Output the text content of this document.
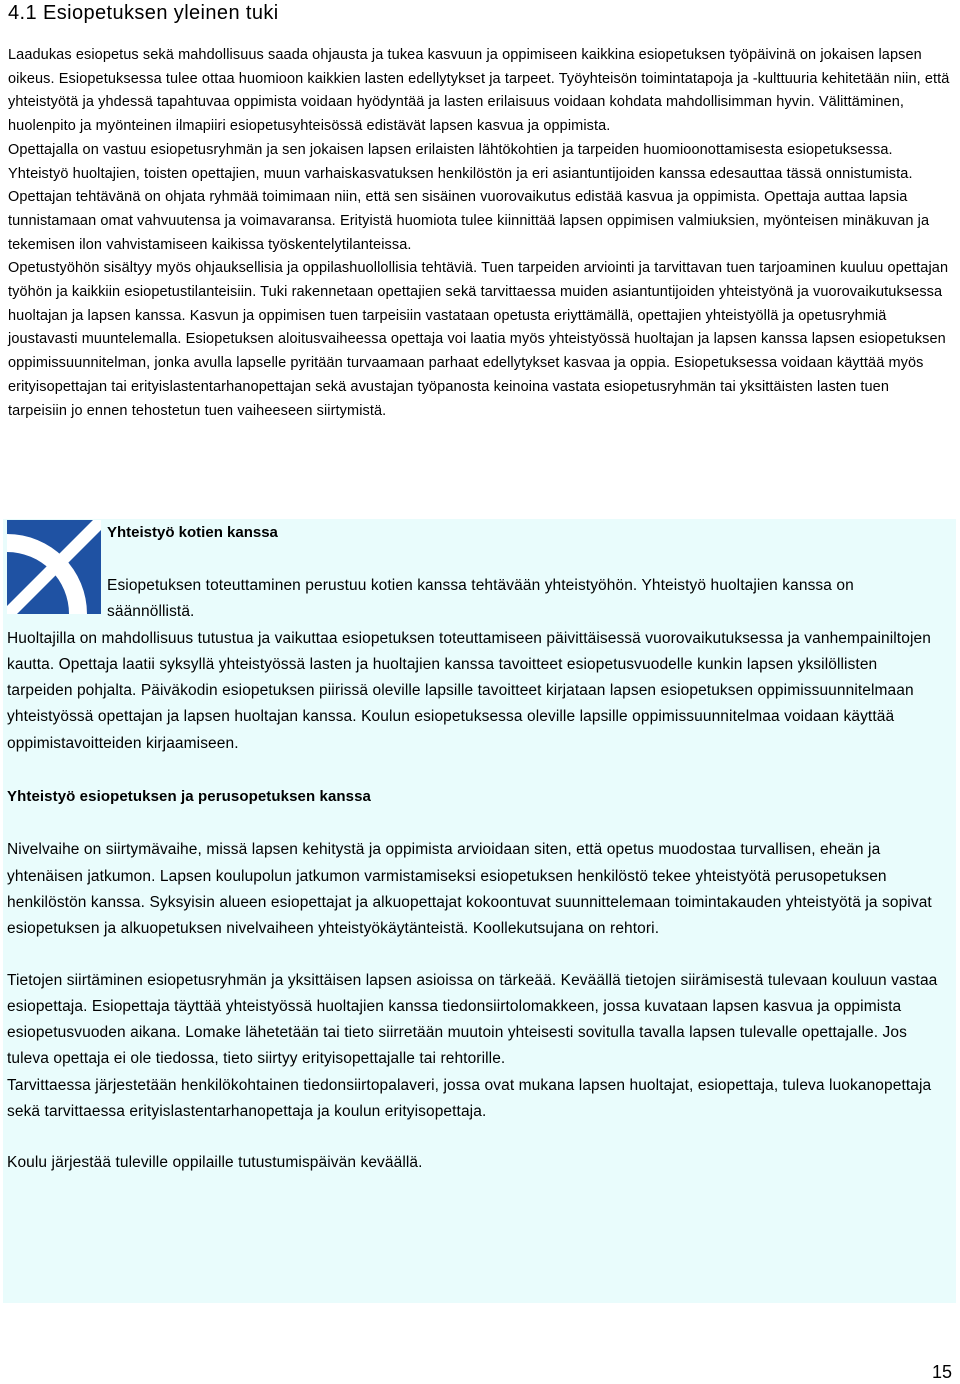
4.1 Esiopetuksen yleinen tuki

Laadukas esiopetus sekä mahdollisuus saada ohjausta ja tukea kasvuun ja oppimiseen kaikkina esiopetuksen työpäivinä on jokaisen lapsen oikeus. Esiopetuksessa tulee ottaa huomioon kaikkien lasten edellytykset ja tarpeet. Työyhteisön toimintatapoja ja -kulttuuria kehitetään niin, että yhteistyötä ja yhdessä tapahtuvaa oppimista voidaan hyödyntää ja lasten erilaisuus voidaan kohdata mahdollisimman hyvin. Välittäminen, huolenpito ja myönteinen ilmapiiri esiopetusyhteisössä edistävät lapsen kasvua ja oppimista.

Opettajalla on vastuu esiopetusryhmän ja sen jokaisen lapsen erilaisten lähtökohtien ja tarpeiden huomioonottamisesta esiopetuksessa. Yhteistyö huoltajien, toisten opettajien, muun varhaiskasvatuksen henkilöstön ja eri asiantuntijoiden kanssa edesauttaa tässä onnistumista. Opettajan tehtävänä on ohjata ryhmää toimimaan niin, että sen sisäinen vuorovaikutus edistää kasvua ja oppimista. Opettaja auttaa lapsia tunnistamaan omat vahvuutensa ja voimavaransa. Erityistä huomiota tulee kiinnittää lapsen oppimisen valmiuksien, myönteisen minäkuvan ja tekemisen ilon vahvistamiseen kaikissa työskentelytilanteissa.

Opetustyöhön sisältyy myös ohjauksellisia ja oppilashuollollisia tehtäviä. Tuen tarpeiden arviointi ja tarvittavan tuen tarjoaminen kuuluu opettajan työhön ja kaikkiin esiopetustilanteisiin. Tuki rakennetaan opettajien sekä tarvittaessa muiden asiantuntijoiden yhteistyönä ja vuorovaikutuksessa huoltajan ja lapsen kanssa. Kasvun ja oppimisen tuen tarpeisiin vastataan opetusta eriyttämällä, opettajien yhteistyöllä ja opetusryhmiä joustavasti muuntelemalla. Esiopetuksen aloitusvaiheessa opettaja voi laatia myös yhteistyössä huoltajan ja lapsen kanssa lapsen esiopetuksen oppimissuunnitelman, jonka avulla lapselle pyritään turvaamaan parhaat edellytykset kasvaa ja oppia. Esiopetuksessa voidaan käyttää myös erityisopettajan tai erityislastentarhanopettajan sekä avustajan työpanosta keinoina vastata esiopetusryhmän tai yksittäisten lasten tuen tarpeisiin jo ennen tehostetun tuen vaiheeseen siirtymistä.

Yhteistyö kotien kanssa

Esiopetuksen toteuttaminen perustuu kotien kanssa tehtävään yhteistyöhön. Yhteistyö huoltajien kanssa on säännöllistä.

Huoltajilla on mahdollisuus tutustua ja vaikuttaa esiopetuksen toteuttamiseen päivittäisessä vuorovaikutuksessa ja vanhempainiltojen kautta. Opettaja laatii syksyllä yhteistyössä lasten ja huoltajien kanssa tavoitteet esiopetusvuodelle kunkin lapsen yksilöllisten tarpeiden pohjalta. Päiväkodin esiopetuksen piirissä oleville lapsille tavoitteet kirjataan lapsen esiopetuksen oppimissuunnitelmaan yhteistyössä opettajan ja lapsen huoltajan kanssa. Koulun esiopetuksessa oleville lapsille oppimissuunnitelmaa voidaan käyttää oppimistavoitteiden kirjaamiseen.

Yhteistyö esiopetuksen ja perusopetuksen kanssa

Nivelvaihe on siirtymävaihe, missä lapsen kehitystä ja oppimista arvioidaan siten, että opetus muodostaa turvallisen, eheän ja yhtenäisen jatkumon. Lapsen koulupolun jatkumon varmistamiseksi esiopetuksen henkilöstö tekee yhteistyötä perusopetuksen henkilöstön kanssa. Syksyisin alueen esiopettajat ja alkuopettajat kokoontuvat suunnittelemaan toimintakauden yhteistyötä ja sopivat esiopetuksen ja alkuopetuksen nivelvaiheen yhteistyökäytänteistä. Koollekutsujana on rehtori.

Tietojen siirtäminen esiopetusryhmän ja yksittäisen lapsen asioissa on tärkeää. Keväällä tietojen siirämisestä tulevaan kouluun vastaa esiopettaja. Esiopettaja täyttää yhteistyössä huoltajien kanssa tiedonsiirtolomakkeen, jossa kuvataan lapsen kasvua ja oppimista esiopetusvuoden aikana. Lomake lähetetään tai tieto siirretään muutoin yhteisesti sovitulla tavalla lapsen tulevalle opettajalle. Jos tuleva opettaja ei ole tiedossa, tieto siirtyy erityisopettajalle tai rehtorille.

Tarvittaessa järjestetään henkilökohtainen tiedonsiirtopalaveri, jossa ovat mukana lapsen huoltajat, esiopettaja, tuleva luokanopettaja sekä tarvittaessa erityislastentarhanopettaja ja koulun erityisopettaja.

Koulu järjestää tuleville oppilaille tutustumispäivän keväällä.

15
